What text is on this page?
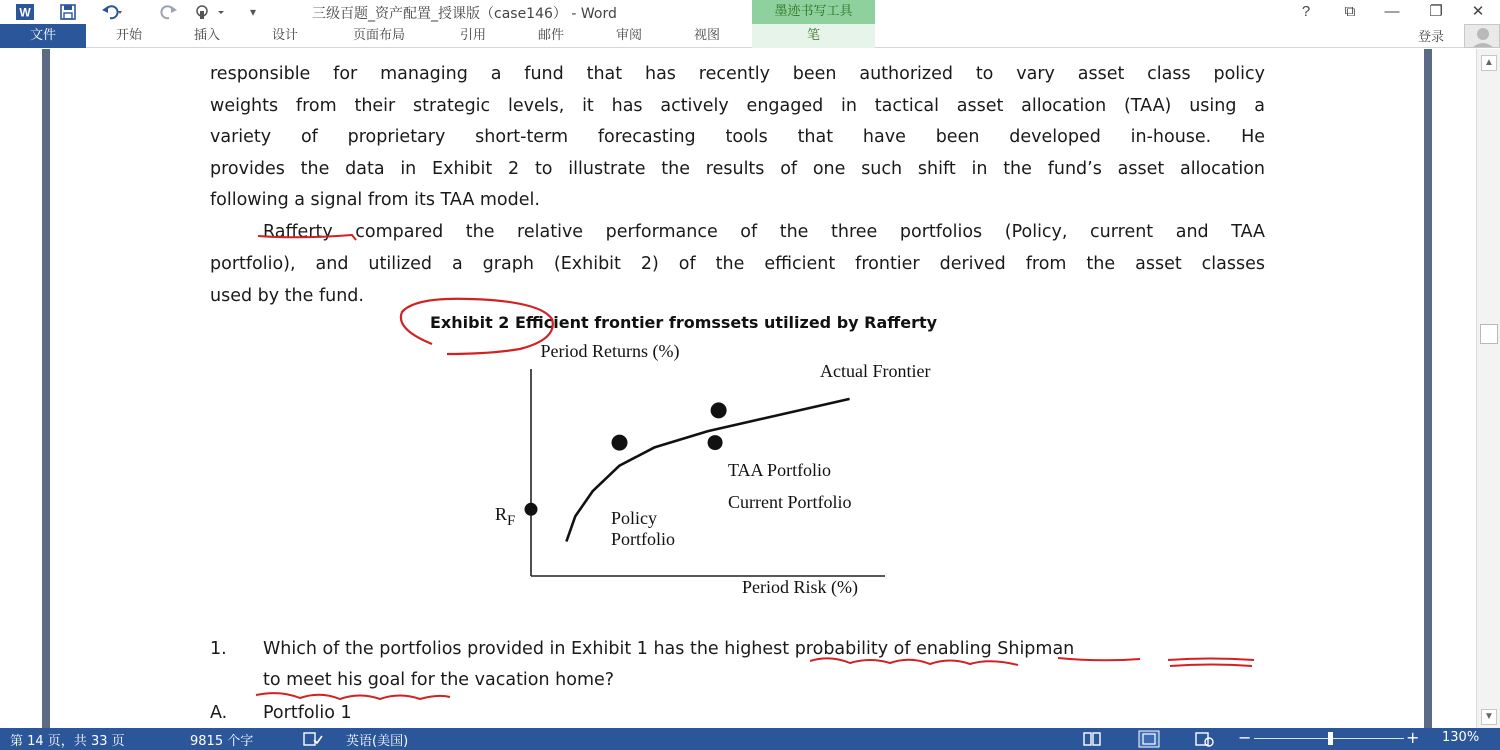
W	▾	三级百题_资产配置_授课版（case146） - Word	墨迹书写工具	?	⧉	—	❐	✕
文件	开始	插入	设计	页面布局	引用	邮件	审阅	视图	笔	登录
responsible for managing a fund that has recently been authorized to vary asset class policy
weights from their strategic levels, it has actively engaged in tactical asset allocation (TAA) using a
variety of proprietary short-term forecasting tools that have been developed in-house. He
provides the data in Exhibit 2 to illustrate the results of one such shift in the fund’s asset allocation
following a signal from its TAA model.
Rafferty compared the relative performance of the three portfolios (Policy, current and TAA
portfolio), and utilized a graph (Exhibit 2) of the efficient frontier derived from the asset classes
used by the fund.
Exhibit 2 Efficient frontier fromssets utilized by Rafferty
Period Returns (%)
Period Risk (%)
Actual Frontier
$R_F$
TAA Portfolio
Current Portfolio
Policy
Portfolio
1. Which of the portfolios provided in Exhibit 1 has the highest probability of enabling Shipman
to meet his goal for the vacation home?
A. Portfolio 1
▲
▼
第 14 页，共 33 页	9815 个字	英语(美国)	−	+ 130%
